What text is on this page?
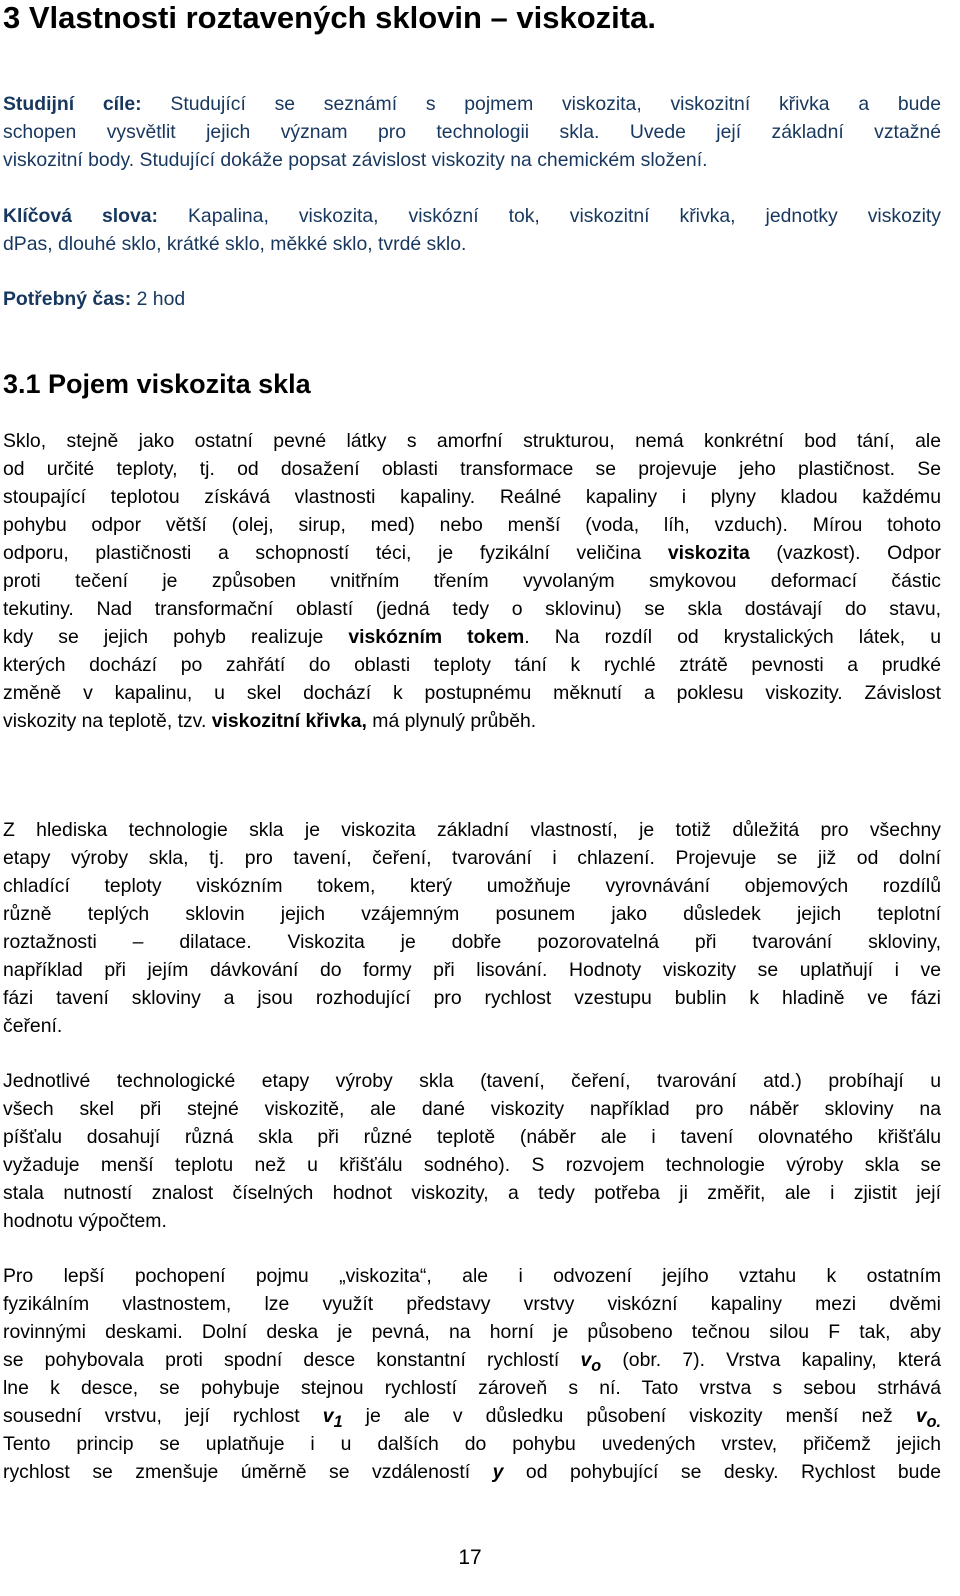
3 Vlastnosti roztavených sklovin – viskozita.
Studijní cíle: Studující se seznámí s pojmem viskozita, viskozitní křivka a bude
schopen vysvětlit jejich význam pro technologii skla. Uvede její základní vztažné
viskozitní body. Studující dokáže popsat závislost viskozity na chemickém složení.
Klíčová slova: Kapalina, viskozita, viskózní tok, viskozitní křivka, jednotky viskozity
dPas, dlouhé sklo, krátké sklo, měkké sklo, tvrdé sklo.
Potřebný čas: 2 hod
3.1 Pojem viskozita skla
Sklo, stejně jako ostatní pevné látky s amorfní strukturou, nemá konkrétní bod tání, ale
od určité teploty, tj. od dosažení oblasti transformace se projevuje jeho plastičnost. Se
stoupající teplotou získává vlastnosti kapaliny. Reálné kapaliny i plyny kladou každému
pohybu odpor větší (olej, sirup, med) nebo menší (voda, líh, vzduch). Mírou tohoto
odporu, plastičnosti a schopností téci, je fyzikální veličina viskozita (vazkost). Odpor
proti tečení je způsoben vnitřním třením vyvolaným smykovou deformací částic
tekutiny. Nad transformační oblastí (jedná tedy o sklovinu) se skla dostávají do stavu,
kdy se jejich pohyb realizuje viskózním tokem. Na rozdíl od krystalických látek, u
kterých dochází po zahřátí do oblasti teploty tání k rychlé ztrátě pevnosti a prudké
změně v kapalinu, u skel dochází k postupnému měknutí a poklesu viskozity. Závislost
viskozity na teplotě, tzv. viskozitní křivka, má plynulý průběh.
Z hlediska technologie skla je viskozita základní vlastností, je totiž důležitá pro všechny
etapy výroby skla, tj. pro tavení, čeření, tvarování i chlazení. Projevuje se již od dolní
chladící teploty viskózním tokem, který umožňuje vyrovnávání objemových rozdílů
různě teplých sklovin jejich vzájemným posunem jako důsledek jejich teplotní
roztažnosti – dilatace. Viskozita je dobře pozorovatelná při tvarování skloviny,
například při jejím dávkování do formy při lisování. Hodnoty viskozity se uplatňují i ve
fázi tavení skloviny a jsou rozhodující pro rychlost vzestupu bublin k hladině ve fázi
čeření.
Jednotlivé technologické etapy výroby skla (tavení, čeření, tvarování atd.) probíhají u
všech skel při stejné viskozitě, ale dané viskozity například pro náběr skloviny na
píšťalu dosahují různá skla při různé teplotě (náběr ale i tavení olovnatého křišťálu
vyžaduje menší teplotu než u křišťálu sodného). S rozvojem technologie výroby skla se
stala nutností znalost číselných hodnot viskozity, a tedy potřeba ji změřit, ale i zjistit její
hodnotu výpočtem.
Pro lepší pochopení pojmu „viskozita“, ale i odvození jejího vztahu k ostatním
fyzikálním vlastnostem, lze využít představy vrstvy viskózní kapaliny mezi dvěmi
rovinnými deskami. Dolní deska je pevná, na horní je působeno tečnou silou F tak, aby
se pohybovala proti spodní desce konstantní rychlostí $v_o$ (obr. 7). Vrstva kapaliny, která
lne k desce, se pohybuje stejnou rychlostí zároveň s ní. Tato vrstva s sebou strhává
sousední vrstvu, její rychlost $v_1$ je ale v důsledku působení viskozity menší než $v_{o.}$
Tento princip se uplatňuje i u dalších do pohybu uvedených vrstev, přičemž jejich
rychlost se zmenšuje úměrně se vzdáleností y od pohybující se desky. Rychlost bude
17
